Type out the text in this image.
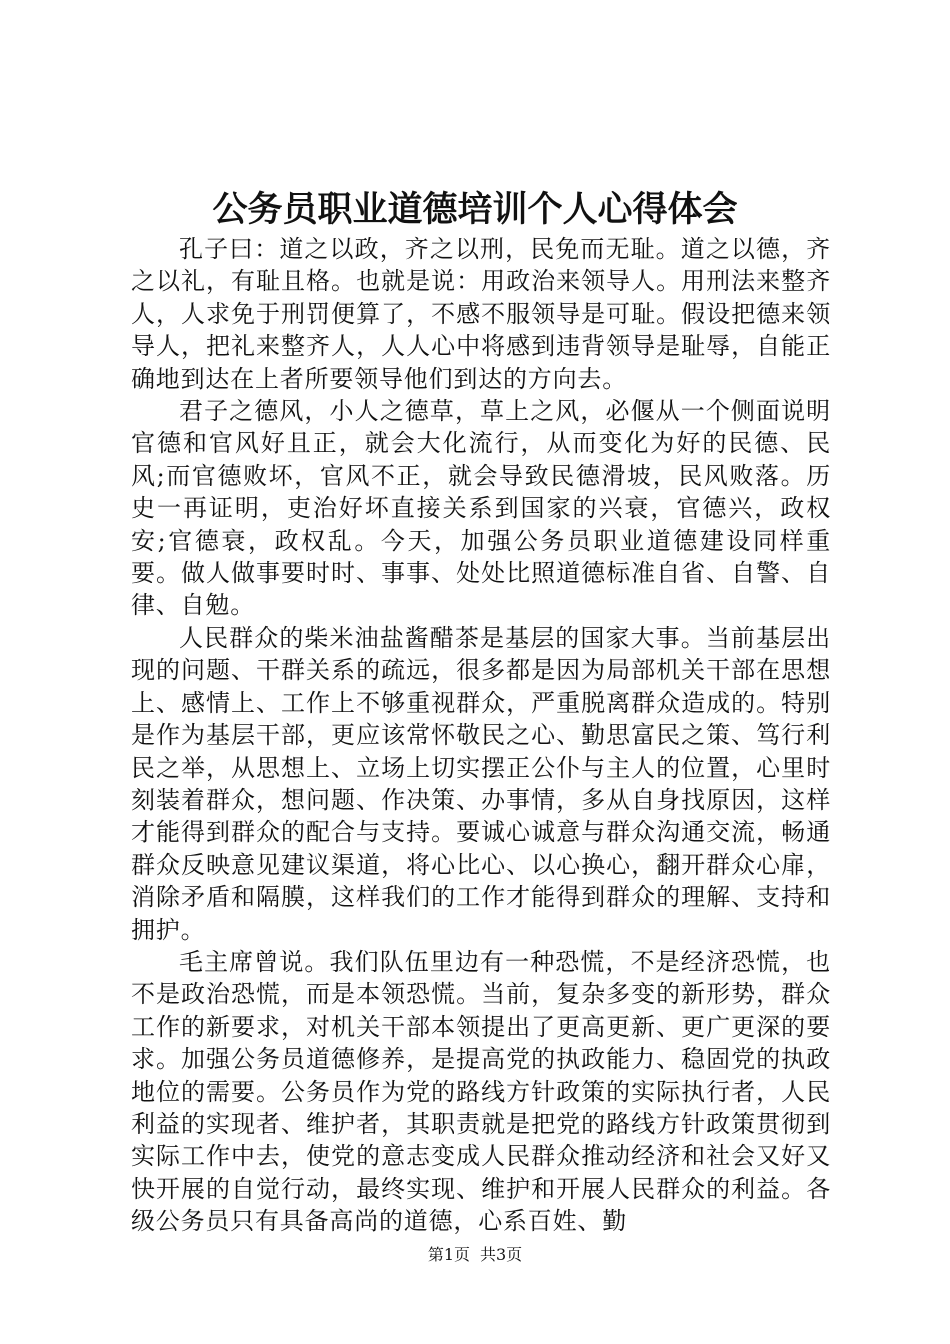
公务员职业道德培训个人心得体会

孔子曰：道之以政，齐之以刑，民免而无耻。道之以德，齐之以礼，有耻且格。也就是说：用政治来领导人。用刑法来整齐人，人求免于刑罚便算了，不感不服领导是可耻。假设把德来领导人，把礼来整齐人，人人心中将感到违背领导是耻辱，自能正确地到达在上者所要领导他们到达的方向去。

君子之德风，小人之德草，草上之风，必偃从一个侧面说明官德和官风好且正，就会大化流行，从而变化为好的民德、民风;而官德败坏，官风不正，就会导致民德滑坡，民风败落。历史一再证明，吏治好坏直接关系到国家的兴衰，官德兴，政权安;官德衰，政权乱。今天，加强公务员职业道德建设同样重要。做人做事要时时、事事、处处比照道德标准自省、自警、自律、自勉。

人民群众的柴米油盐酱醋茶是基层的国家大事。当前基层出现的问题、干群关系的疏远，很多都是因为局部机关干部在思想上、感情上、工作上不够重视群众，严重脱离群众造成的。特别是作为基层干部，更应该常怀敬民之心、勤思富民之策、笃行利民之举，从思想上、立场上切实摆正公仆与主人的位置，心里时刻装着群众，想问题、作决策、办事情，多从自身找原因，这样才能得到群众的配合与支持。要诚心诚意与群众沟通交流，畅通群众反映意见建议渠道，将心比心、以心换心，翻开群众心扉，消除矛盾和隔膜，这样我们的工作才能得到群众的理解、支持和拥护。

毛主席曾说。我们队伍里边有一种恐慌，不是经济恐慌，也不是政治恐慌，而是本领恐慌。当前，复杂多变的新形势，群众工作的新要求，对机关干部本领提出了更高更新、更广更深的要求。加强公务员道德修养，是提高党的执政能力、稳固党的执政地位的需要。公务员作为党的路线方针政策的实际执行者，人民利益的实现者、维护者，其职责就是把党的路线方针政策贯彻到实际工作中去，使党的意志变成人民群众推动经济和社会又好又快开展的自觉行动，最终实现、维护和开展人民群众的利益。各级公务员只有具备高尚的道德，心系百姓、勤

第1页 共3页
